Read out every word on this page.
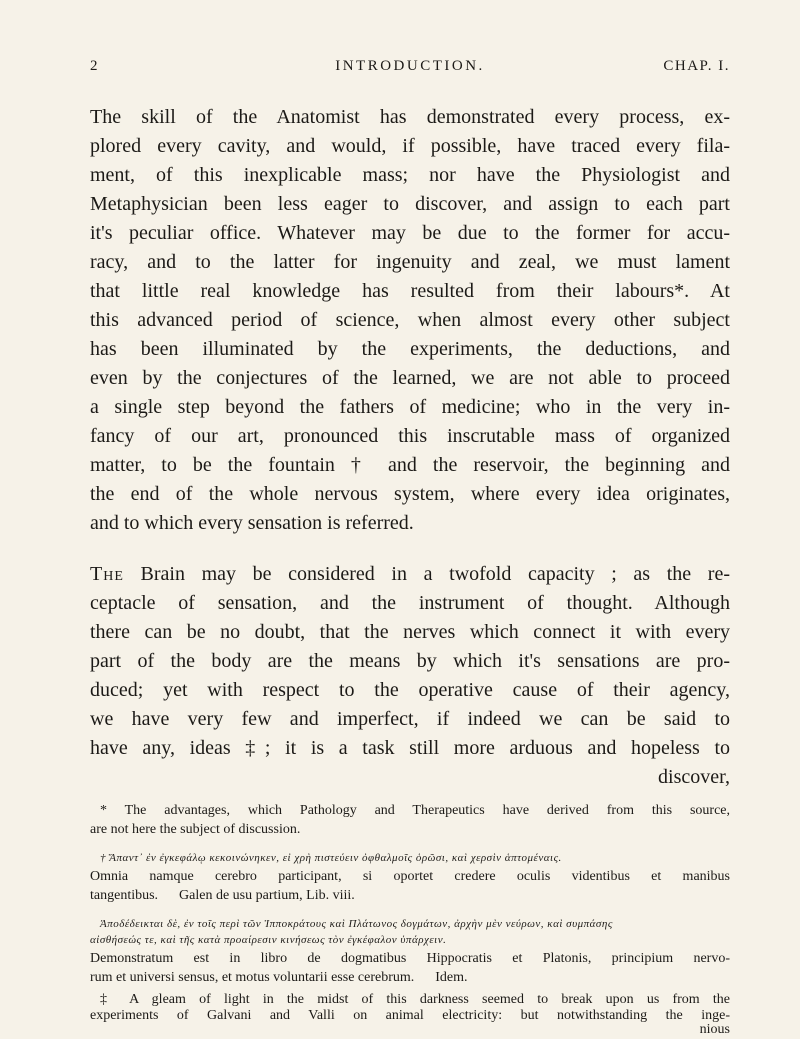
2	INTRODUCTION.	CHAP. I.
The skill of the Anatomist has demonstrated every process, ex-
plored every cavity, and would, if possible, have traced every fila-
ment, of this inexplicable mass; nor have the Physiologist and
Metaphysician been less eager to discover, and assign to each part
it's peculiar office. Whatever may be due to the former for accu-
racy, and to the latter for ingenuity and zeal, we must lament
that little real knowledge has resulted from their labours*. At
this advanced period of science, when almost every other subject
has been illuminated by the experiments, the deductions, and
even by the conjectures of the learned, we are not able to proceed
a single step beyond the fathers of medicine; who in the very in-
fancy of our art, pronounced this inscrutable mass of organized
matter, to be the fountain † and the reservoir, the beginning and
the end of the whole nervous system, where every idea originates,
and to which every sensation is referred.
The Brain may be considered in a twofold capacity ; as the re-
ceptacle of sensation, and the instrument of thought. Although
there can be no doubt, that the nerves which connect it with every
part of the body are the means by which it's sensations are pro-
duced; yet with respect to the operative cause of their agency,
we have very few and imperfect, if indeed we can be said to
have any, ideas ‡; it is a task still more arduous and hopeless to
discover,
* The advantages, which Pathology and Therapeutics have derived from this source,
are not here the subject of discussion.
† Ἅπαντ᾽ ἐν ἐγκεφάλῳ κεκοινώνηκεν, εἰ χρὴ πιστεύειν ὀφθαλμοῖς ὁρῶσι, καὶ χερσὶν ἁπτομέναις.
Omnia namque cerebro participant, si oportet credere oculis videntibus et manibus
tangentibus.      Galen de usu partium, Lib. viii.
Ἀποδέδεικται δὲ, ἐν τοῖς περὶ τῶν Ἱπποκράτους καὶ Πλάτωνος δογμάτων, ἀρχὴν μὲν νεύρων, καὶ συμπάσης
αἰσθήσεώς τε, καὶ τῆς κατὰ προαίρεσιν κινήσεως τὸν ἐγκέφαλον ὑπάρχειν.
Demonstratum est in libro de dogmatibus Hippocratis et Platonis, principium nervo-
rum et universi sensus, et motus voluntarii esse cerebrum.      Idem.
‡ A gleam of light in the midst of this darkness seemed to break upon us from the
experiments of Galvani and Valli on animal electricity: but notwithstanding the inge-
nious
